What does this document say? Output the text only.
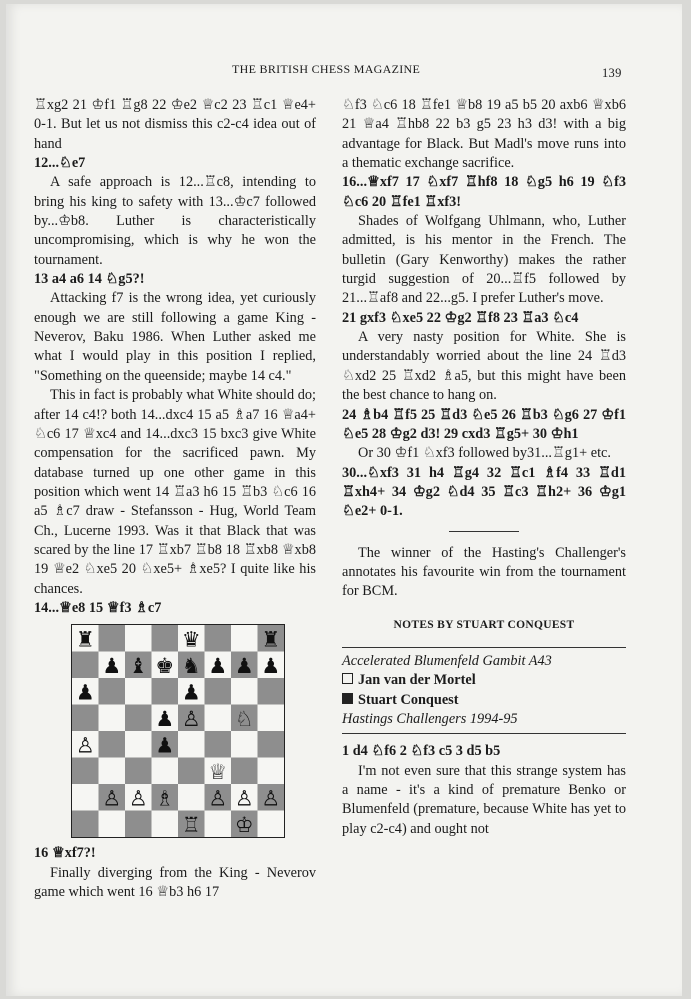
THE BRITISH CHESS MAGAZINE	139

♖xg2 21 ♔f1 ♖g8 22 ♔e2 ♕c2 23 ♖c1 ♕e4+ 0-1. But let us not dismiss this c2-c4 idea out of hand

12...♘e7

A safe approach is 12...♖c8, intending to bring his king to safety with 13...♔c7 followed by...♔b8. Luther is characteristically uncompromising, which is why he won the tournament.

13 a4 a6 14 ♘g5?!

Attacking f7 is the wrong idea, yet curiously enough we are still following a game King - Neverov, Baku 1986. When Luther asked me what I would play in this position I replied, "Something on the queenside; maybe 14 c4."

This in fact is probably what White should do; after 14 c4!? both 14...dxc4 15 a5 ♗a7 16 ♕a4+ ♘c6 17 ♕xc4 and 14...dxc3 15 bxc3 give White compensation for the sacrificed pawn. My database turned up one other game in this position which went 14 ♖a3 h6 15 ♖b3 ♘c6 16 a5 ♗c7 draw - Stefansson - Hug, World Team Ch., Lucerne 1993. Was it that Black that was scared by the line 17 ♖xb7 ♖b8 18 ♖xb8 ♕xb8 19 ♕e2 ♘xe5 20 ♘xe5+ ♗xe5? I quite like his chances.

14...♕e8 15 ♕f3 ♗c7

♜	♛	♜
♟ ♝ ♚ ♞ ♟ ♟ ♟
♟	♟
♟ ♙ ♘
♙	♟
♕
♙ ♙ ♗ ♙ ♙ ♙
♖ ♔

16 ♕xf7?!

Finally diverging from the King - Neverov game which went 16 ♕b3 h6 17

♘f3 ♘c6 18 ♖fe1 ♕b8 19 a5 b5 20 axb6 ♕xb6 21 ♕a4 ♖hb8 22 b3 g5 23 h3 d3! with a big advantage for Black. But Madl's move runs into a thematic exchange sacrifice.

16...♕xf7 17 ♘xf7 ♖hf8 18 ♘g5 h6 19 ♘f3 ♘c6 20 ♖fe1 ♖xf3!

Shades of Wolfgang Uhlmann, who, Luther admitted, is his mentor in the French. The bulletin (Gary Kenworthy) makes the rather turgid suggestion of 20...♖f5 followed by 21...♖af8 and 22...g5. I prefer Luther's move.

21 gxf3 ♘xe5 22 ♔g2 ♖f8 23 ♖a3 ♘c4

A very nasty position for White. She is understandably worried about the line 24 ♖d3 ♘xd2 25 ♖xd2 ♗a5, but this might have been the best chance to hang on.

24 ♗b4 ♖f5 25 ♖d3 ♘e5 26 ♖b3 ♘g6 27 ♔f1 ♘e5 28 ♔g2 d3! 29 cxd3 ♖g5+ 30 ♔h1

Or 30 ♔f1 ♘xf3 followed by31...♖g1+ etc.

30...♘xf3 31 h4 ♖g4 32 ♖c1 ♗f4 33 ♖d1 ♖xh4+ 34 ♔g2 ♘d4 35 ♖c3 ♖h2+ 36 ♔g1 ♘e2+ 0-1.

The winner of the Hasting's Challenger's annotates his favourite win from the tournament for BCM.

NOTES BY STUART CONQUEST

Accelerated Blumenfeld Gambit A43

Jan van der Mortel

Stuart Conquest

Hastings Challengers 1994-95

1 d4 ♘f6 2 ♘f3 c5 3 d5 b5

I'm not even sure that this strange system has a name - it's a kind of premature Benko or Blumenfeld (premature, because White has yet to play c2-c4) and ought not
